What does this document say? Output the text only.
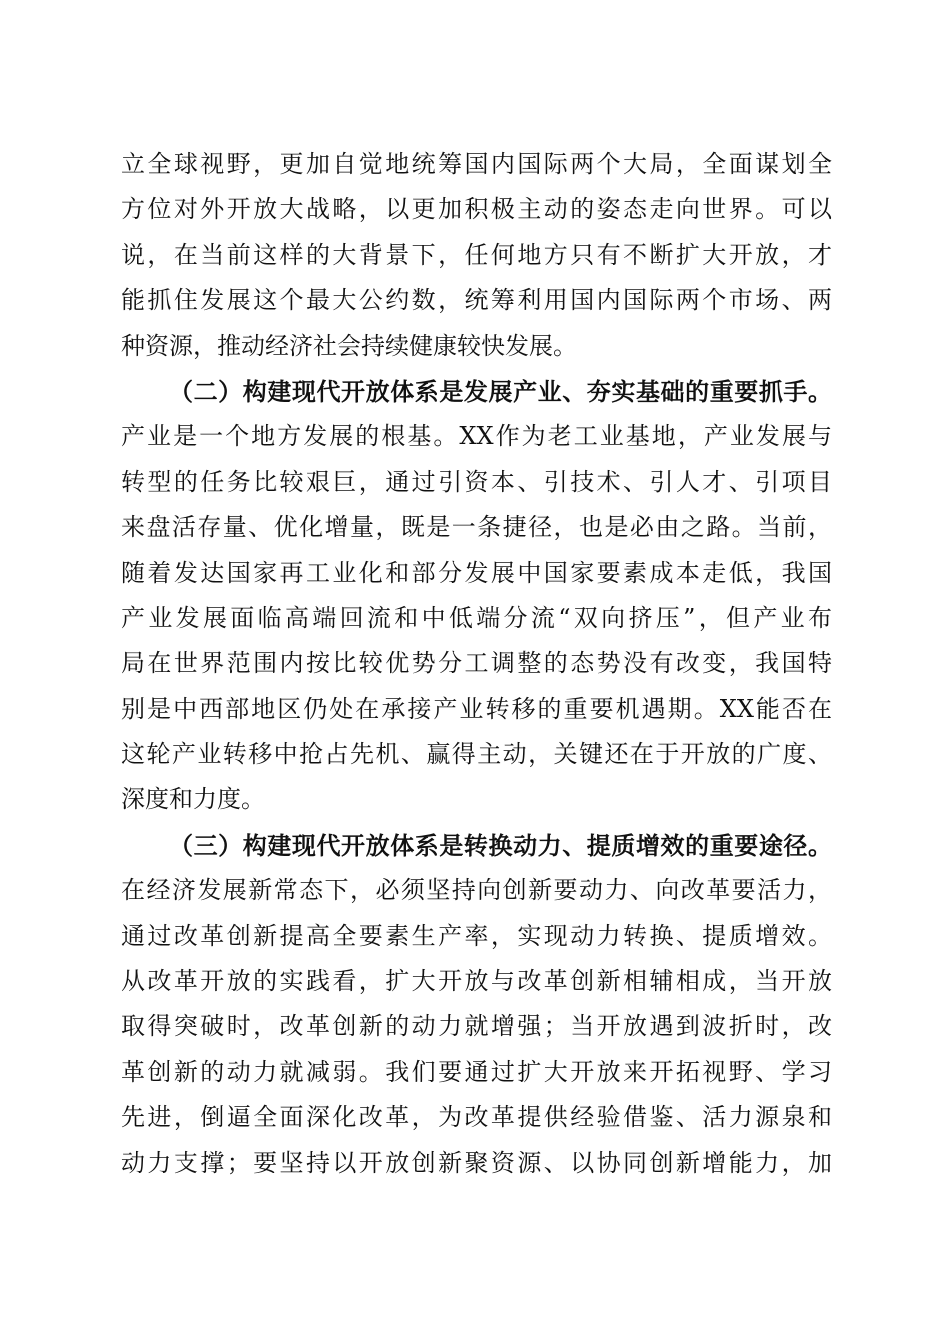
立全球视野，更加自觉地统筹国内国际两个大局，全面谋划全
方位对外开放大战略，以更加积极主动的姿态走向世界。可以
说，在当前这样的大背景下，任何地方只有不断扩大开放，才
能抓住发展这个最大公约数，统筹利用国内国际两个市场、两
种资源，推动经济社会持续健康较快发展。
（二）构建现代开放体系是发展产业、夯实基础的重要抓手。
产业是一个地方发展的根基。XX作为老工业基地，产业发展与
转型的任务比较艰巨，通过引资本、引技术、引人才、引项目
来盘活存量、优化增量，既是一条捷径，也是必由之路。当前，
随着发达国家再工业化和部分发展中国家要素成本走低，我国
产业发展面临高端回流和中低端分流“双向挤压”，但产业布
局在世界范围内按比较优势分工调整的态势没有改变，我国特
别是中西部地区仍处在承接产业转移的重要机遇期。XX能否在
这轮产业转移中抢占先机、赢得主动，关键还在于开放的广度、
深度和力度。
（三）构建现代开放体系是转换动力、提质增效的重要途径。
在经济发展新常态下，必须坚持向创新要动力、向改革要活力，
通过改革创新提高全要素生产率，实现动力转换、提质增效。
从改革开放的实践看，扩大开放与改革创新相辅相成，当开放
取得突破时，改革创新的动力就增强；当开放遇到波折时，改
革创新的动力就减弱。我们要通过扩大开放来开拓视野、学习
先进，倒逼全面深化改革，为改革提供经验借鉴、活力源泉和
动力支撑；要坚持以开放创新聚资源、以协同创新增能力，加
